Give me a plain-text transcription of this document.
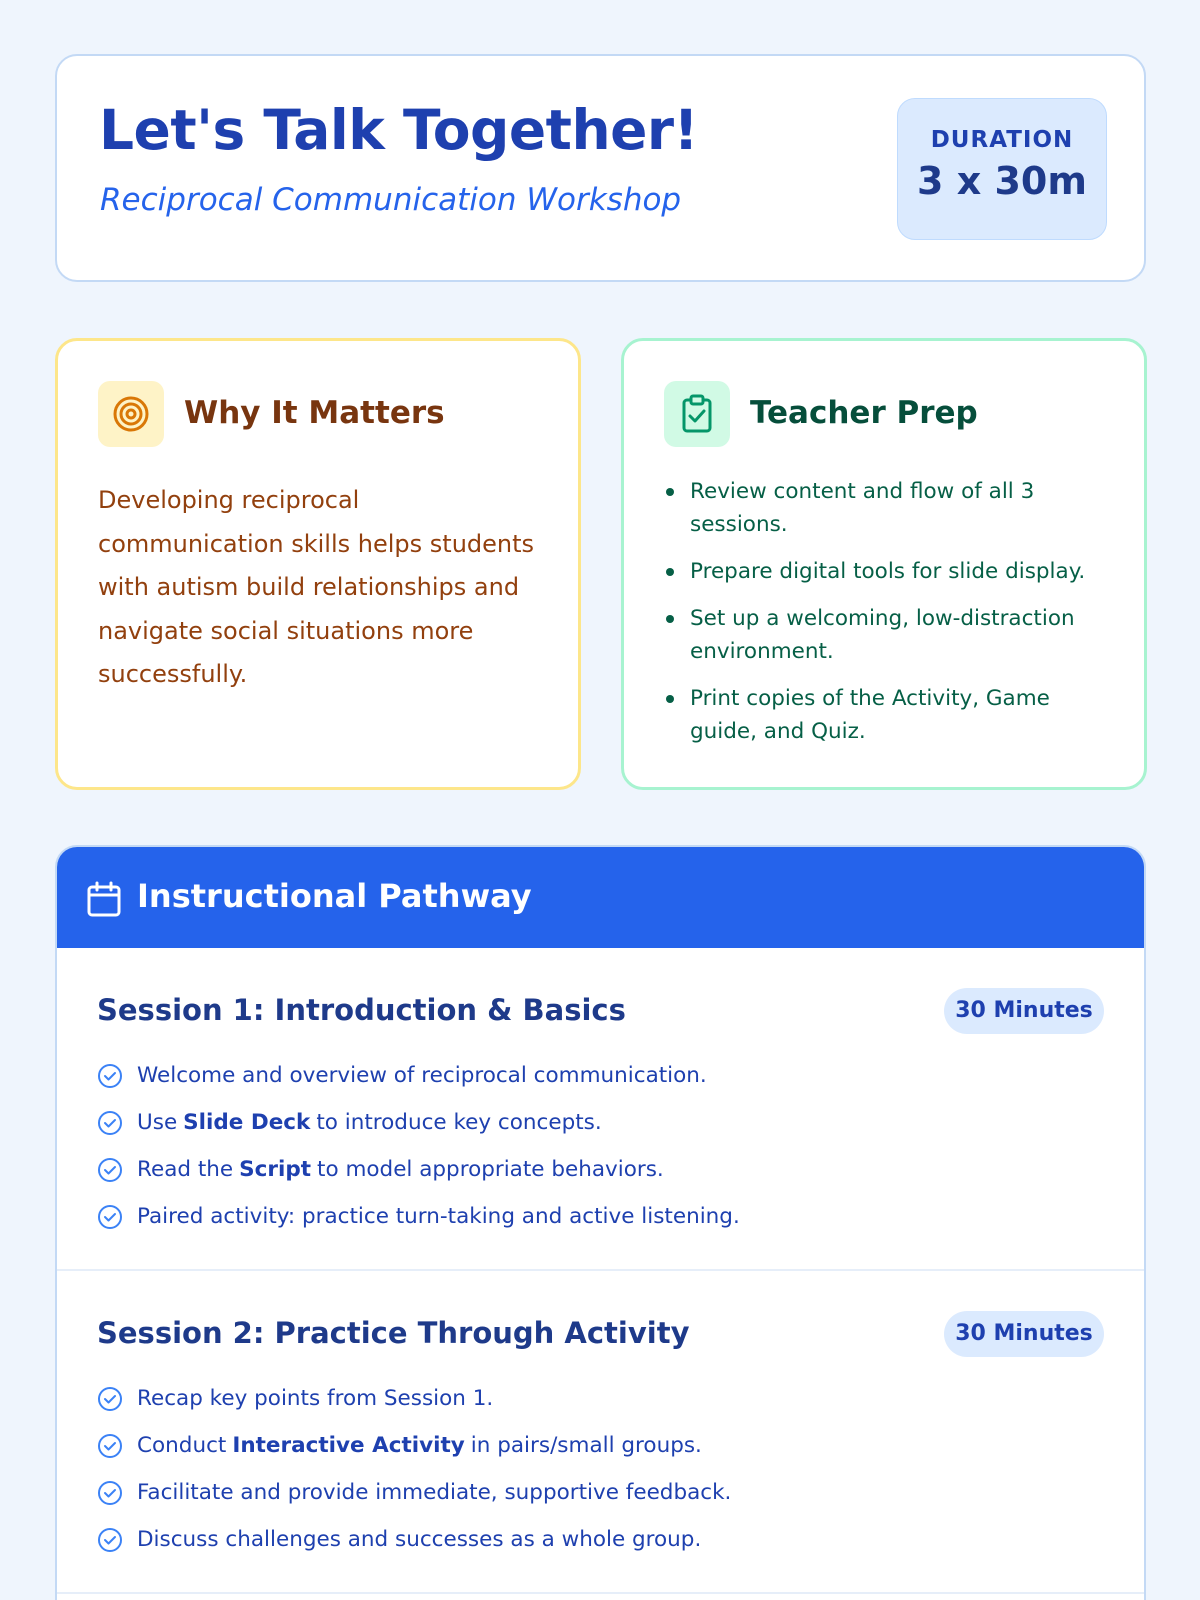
Let's Talk Together!
Reciprocal Communication Workshop
DURATION
3 x 30m
Why It Matters

Developing reciprocal communication skills helps students with autism build relationships and navigate social situations more successfully.

Teacher Prep
Review content and flow of all 3 sessions.
Prepare digital tools for slide display.
Set up a welcoming, low-distraction environment.
Print copies of the Activity, Game guide, and Quiz.
Instructional Pathway
Session 1: Introduction & Basics	30 Minutes
Welcome and overview of reciprocal communication.
Use Slide Deck to introduce key concepts.
Read the Script to model appropriate behaviors.
Paired activity: practice turn-taking and active listening.
Session 2: Practice Through Activity	30 Minutes
Recap key points from Session 1.
Conduct Interactive Activity in pairs/small groups.
Facilitate and provide immediate, supportive feedback.
Discuss challenges and successes as a whole group.
